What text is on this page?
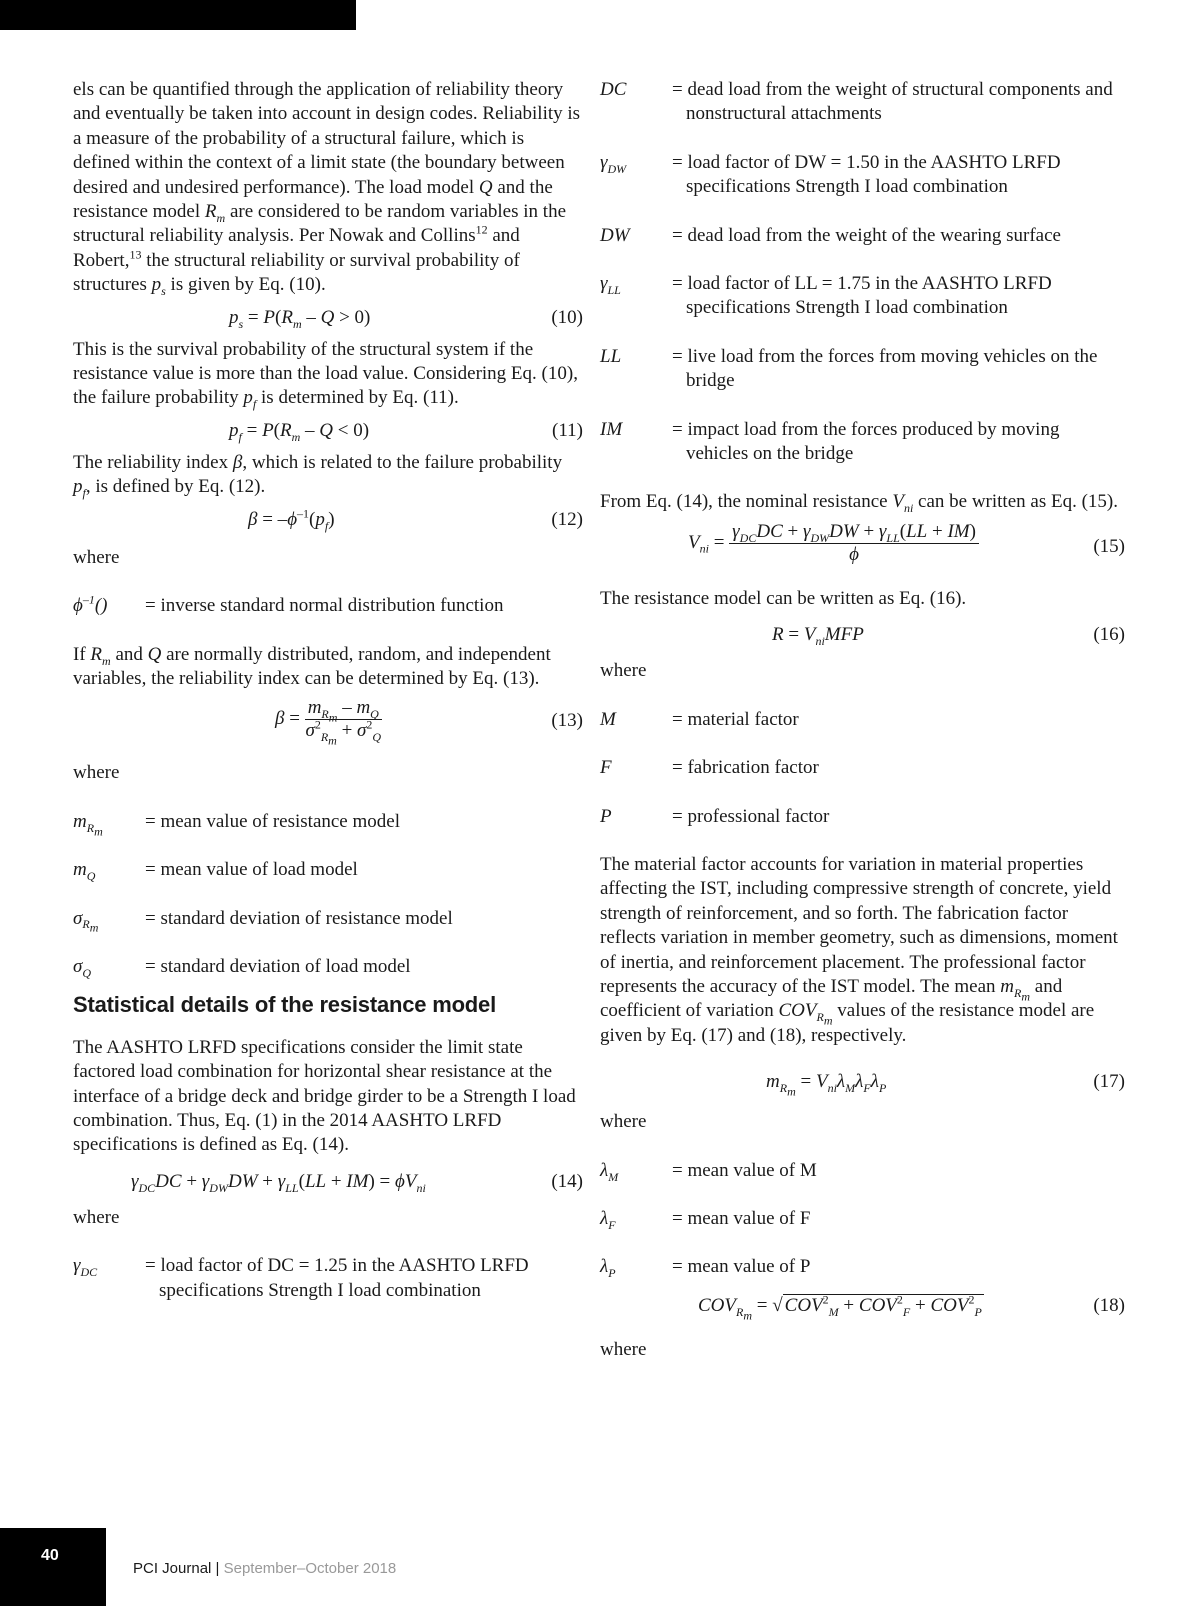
els can be quantified through the application of reliability theory and eventually be taken into account in design codes. Reliability is a measure of the probability of a structural failure, which is defined within the context of a limit state (the boundary between desired and undesired performance). The load model Q and the resistance model $R_m$ are considered to be random variables in the structural reliability analysis. Per Nowak and Collins$^{12}$ and Robert,$^{13}$ the structural reliability or survival probability of structures $p_s$ is given by Eq. (10).

$p_s = P(R_m - Q > 0)$	(10)

This is the survival probability of the structural system if the resistance value is more than the load value. Considering Eq. (10), the failure probability $p_f$ is determined by Eq. (11).

$p_f = P(R_m - Q < 0)$	(11)

The reliability index β, which is related to the failure probability $p_f$, is defined by Eq. (12).

$\beta = -\phi^{-1}(p_f)$	(12)

where

$\phi^{-1}()$	= inverse standard normal distribution function

If $R_m$ and Q are normally distributed, random, and independent variables, the reliability index can be determined by Eq. (13).

$\beta = \frac{m_{R_m} - m_Q}{\sigma^2_{R_m} + \sigma^2_Q}$	(13)

where

$m_{R_m}$	= mean value of resistance model
$m_Q$	= mean value of load model
$\sigma_{R_m}$	= standard deviation of resistance model
$\sigma_Q$	= standard deviation of load model
Statistical details of the resistance model

The AASHTO LRFD specifications consider the limit state factored load combination for horizontal shear resistance at the interface of a bridge deck and bridge girder to be a Strength I load combination. Thus, Eq. (1) in the 2014 AASHTO LRFD specifications is defined as Eq. (14).

$\gamma_{DC}DC + \gamma_{DW}DW + \gamma_{LL}(LL + IM) = \phi V_{ni}$	(14)

where

$\gamma_{DC}$	= load factor of DC = 1.25 in the AASHTO LRFD specifications Strength I load combination
DC	= dead load from the weight of structural components and nonstructural attachments
$\gamma_{DW}$	= load factor of DW = 1.50 in the AASHTO LRFD specifications Strength I load combination
DW	= dead load from the weight of the wearing surface
$\gamma_{LL}$	= load factor of LL = 1.75 in the AASHTO LRFD specifications Strength I load combination
LL	= live load from the forces from moving vehicles on the bridge
IM	= impact load from the forces produced by moving vehicles on the bridge

From Eq. (14), the nominal resistance $V_{ni}$ can be written as Eq. (15).

$V_{ni} = \frac{\gamma_{DC}DC + \gamma_{DW}DW + \gamma_{LL}(LL + IM)}{\phi}$	(15)

The resistance model can be written as Eq. (16).

$R = V_{ni}MFP$	(16)

where

M	= material factor
F	= fabrication factor
P	= professional factor

The material factor accounts for variation in material properties affecting the IST, including compressive strength of concrete, yield strength of reinforcement, and so forth. The fabrication factor reflects variation in member geometry, such as dimensions, moment of inertia, and reinforcement placement. The professional factor represents the accuracy of the IST model. The mean $m_{R_m}$ and coefficient of variation $COV_{R_m}$ values of the resistance model are given by Eq. (17) and (18), respectively.

$m_{R_m} = V_{ni}\lambda_M\lambda_F\lambda_P$	(17)

where

$\lambda_M$	= mean value of M
$\lambda_F$	= mean value of F
$\lambda_P$	= mean value of P
$COV_{R_m}$ = √ $COV^2_M + COV^2_F + COV^2_P$	(18)

where

40
PCI Journal | September–October 2018
